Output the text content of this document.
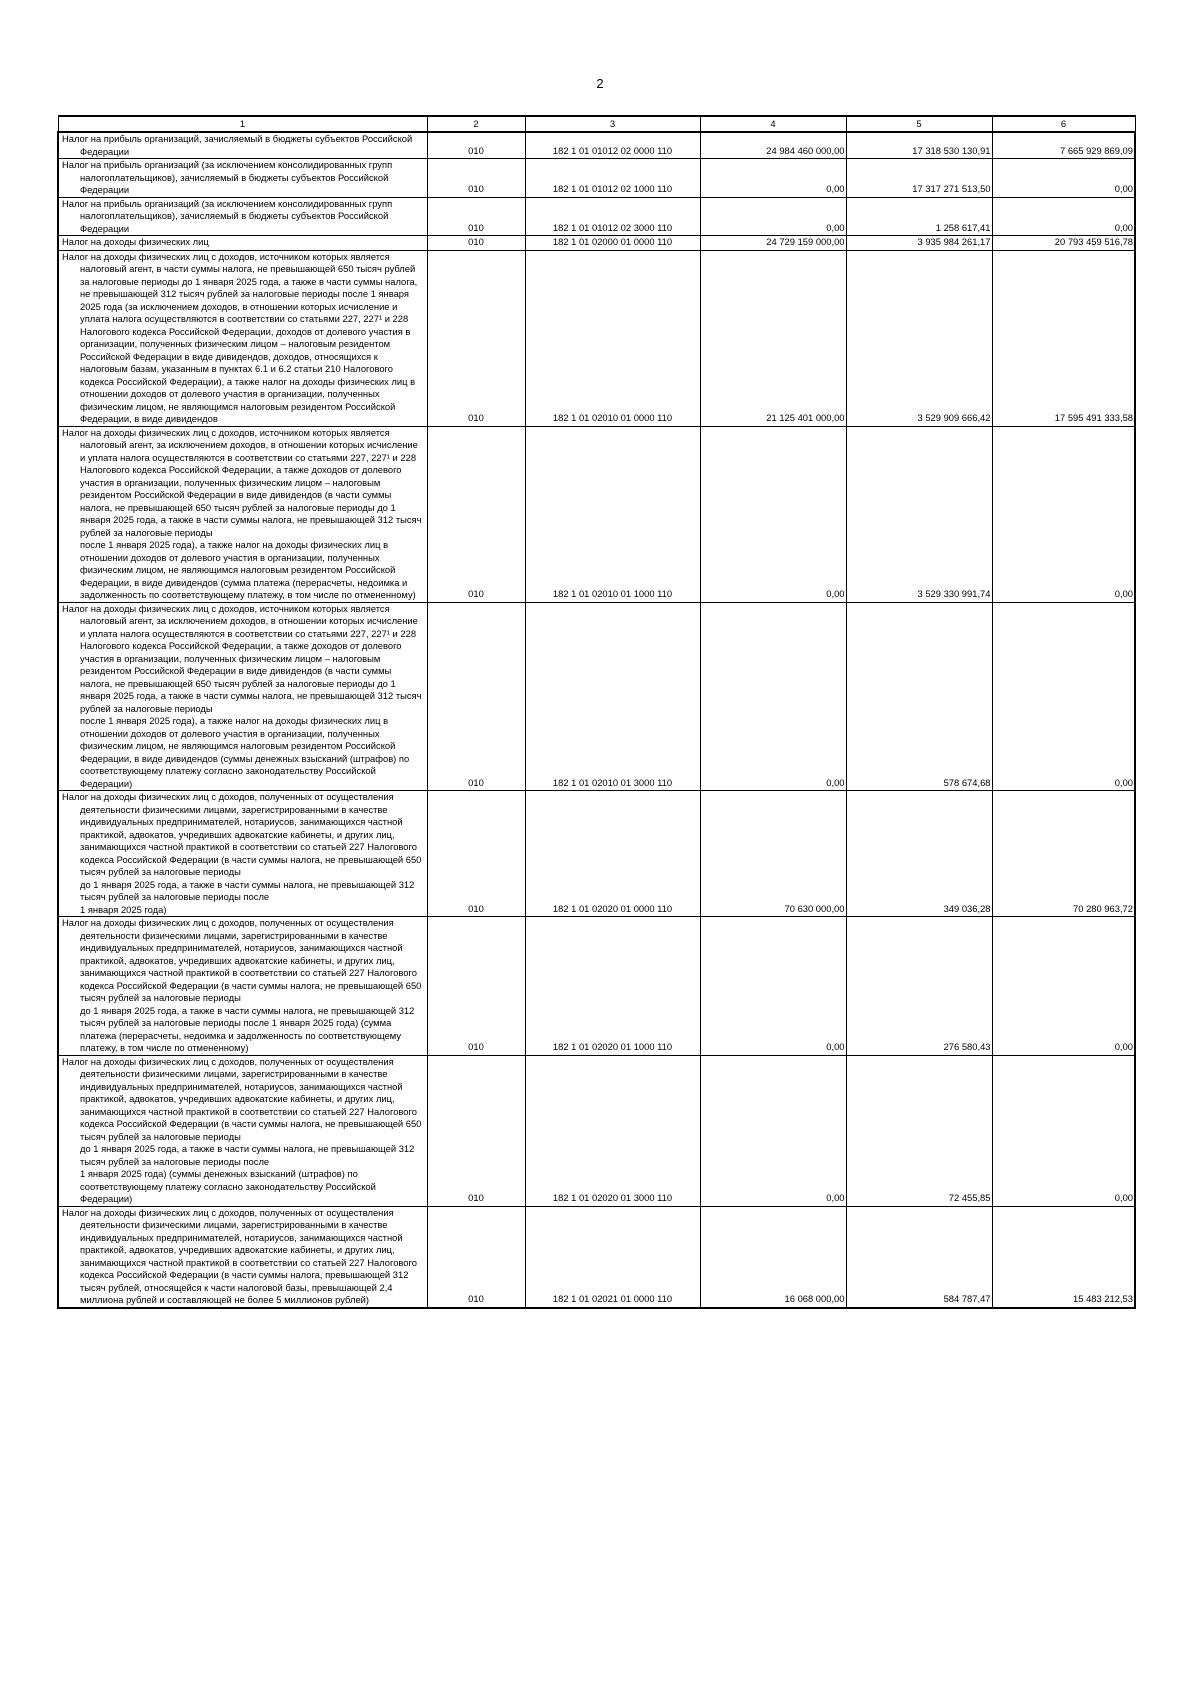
2
1	2	3	4	5	6
Налог на прибыль организаций, зачисляемый в бюджеты субъектов Российской Федерации	010	182 1 01 01012 02 0000 110	24 984 460 000,00	17 318 530 130,91	7 665 929 869,09
Налог на прибыль организаций (за исключением консолидированных групп налогоплательщиков), зачисляемый в бюджеты субъектов Российской Федерации	010	182 1 01 01012 02 1000 110	0,00	17 317 271 513,50	0,00
Налог на прибыль организаций (за исключением консолидированных групп налогоплательщиков), зачисляемый в бюджеты субъектов Российской Федерации	010	182 1 01 01012 02 3000 110	0,00	1 258 617,41	0,00
Налог на доходы физических лиц	010	182 1 01 02000 01 0000 110	24 729 159 000,00	3 935 984 261,17	20 793 459 516,78
Налог на доходы физических лиц с доходов, источником которых является налоговый агент, в части суммы налога, не превышающей 650 тысяч рублей за налоговые периоды до 1 января 2025 года, а также в части суммы налога, не превышающей 312 тысяч рублей за налоговые периоды после 1 января 2025 года (за исключением доходов, в отношении которых исчисление и уплата налога осуществляются в соответствии со статьями 227, 227¹ и 228 Налогового кодекса Российской Федерации, доходов от долевого участия в организации, полученных физическим лицом – налоговым резидентом Российской Федерации в виде дивидендов, доходов, относящихся к налоговым базам, указанным в пунктах 6.1 и 6.2 статьи 210 Налогового кодекса Российской Федерации), а также налог на доходы физических лиц в отношении доходов от долевого участия в организации, полученных физическим лицом, не являющимся налоговым резидентом Российской Федерации, в виде дивидендов	010	182 1 01 02010 01 0000 110	21 125 401 000,00	3 529 909 666,42	17 595 491 333,58
Налог на доходы физических лиц с доходов, источником которых является налоговый агент, за исключением доходов, в отношении которых исчисление и уплата налога осуществляются в соответствии со статьями 227, 227¹ и 228 Налогового кодекса Российской Федерации, а также доходов от долевого участия в организации, полученных физическим лицом – налоговым резидентом Российской Федерации в виде дивидендов (в части суммы налога, не превышающей 650 тысяч рублей за налоговые периоды до 1 января 2025 года, а также в части суммы налога, не превышающей 312 тысяч рублей за налоговые периоды
после 1 января 2025 года), а также налог на доходы физических лиц в отношении доходов от долевого участия в организации, полученных физическим лицом, не являющимся налоговым резидентом Российской Федерации, в виде дивидендов (сумма платежа (перерасчеты, недоимка и задолженность по соответствующему платежу, в том числе по отмененному)	010	182 1 01 02010 01 1000 110	0,00	3 529 330 991,74	0,00
Налог на доходы физических лиц с доходов, источником которых является налоговый агент, за исключением доходов, в отношении которых исчисление и уплата налога осуществляются в соответствии со статьями 227, 227¹ и 228 Налогового кодекса Российской Федерации, а также доходов от долевого участия в организации, полученных физическим лицом – налоговым резидентом Российской Федерации в виде дивидендов (в части суммы налога, не превышающей 650 тысяч рублей за налоговые периоды до 1 января 2025 года, а также в части суммы налога, не превышающей 312 тысяч рублей за налоговые периоды
после 1 января 2025 года), а также налог на доходы физических лиц в отношении доходов от долевого участия в организации, полученных физическим лицом, не являющимся налоговым резидентом Российской Федерации, в виде дивидендов (суммы денежных взысканий (штрафов) по соответствующему платежу согласно законодательству Российской Федерации)	010	182 1 01 02010 01 3000 110	0,00	578 674,68	0,00
Налог на доходы физических лиц с доходов, полученных от осуществления деятельности физическими лицами, зарегистрированными в качестве индивидуальных предпринимателей, нотариусов, занимающихся частной практикой, адвокатов, учредивших адвокатские кабинеты, и других лиц, занимающихся частной практикой в соответствии со статьей 227 Налогового кодекса Российской Федерации (в части суммы налога, не превышающей 650 тысяч рублей за налоговые периоды
до 1 января 2025 года, а также в части суммы налога, не превышающей 312 тысяч рублей за налоговые периоды после
1 января 2025 года)	010	182 1 01 02020 01 0000 110	70 630 000,00	349 036,28	70 280 963,72
Налог на доходы физических лиц с доходов, полученных от осуществления деятельности физическими лицами, зарегистрированными в качестве индивидуальных предпринимателей, нотариусов, занимающихся частной практикой, адвокатов, учредивших адвокатские кабинеты, и других лиц, занимающихся частной практикой в соответствии со статьей 227 Налогового кодекса Российской Федерации (в части суммы налога, не превышающей 650 тысяч рублей за налоговые периоды
до 1 января 2025 года, а также в части суммы налога, не превышающей 312 тысяч рублей за налоговые периоды после 1 января 2025 года) (сумма платежа (перерасчеты, недоимка и задолженность по соответствующему платежу, в том числе по отмененному)	010	182 1 01 02020 01 1000 110	0,00	276 580,43	0,00
Налог на доходы физических лиц с доходов, полученных от осуществления деятельности физическими лицами, зарегистрированными в качестве индивидуальных предпринимателей, нотариусов, занимающихся частной практикой, адвокатов, учредивших адвокатские кабинеты, и других лиц, занимающихся частной практикой в соответствии со статьей 227 Налогового кодекса Российской Федерации (в части суммы налога, не превышающей 650 тысяч рублей за налоговые периоды
до 1 января 2025 года, а также в части суммы налога, не превышающей 312 тысяч рублей за налоговые периоды после
1 января 2025 года) (суммы денежных взысканий (штрафов) по соответствующему платежу согласно законодательству Российской Федерации)	010	182 1 01 02020 01 3000 110	0,00	72 455,85	0,00
Налог на доходы физических лиц с доходов, полученных от осуществления деятельности физическими лицами, зарегистрированными в качестве индивидуальных предпринимателей, нотариусов, занимающихся частной практикой, адвокатов, учредивших адвокатские кабинеты, и других лиц, занимающихся частной практикой в соответствии со статьей 227 Налогового кодекса Российской Федерации (в части суммы налога, превышающей 312 тысяч рублей, относящейся к части налоговой базы, превышающей 2,4 миллиона рублей и составляющей не более 5 миллионов рублей)	010	182 1 01 02021 01 0000 110	16 068 000,00	584 787,47	15 483 212,53
